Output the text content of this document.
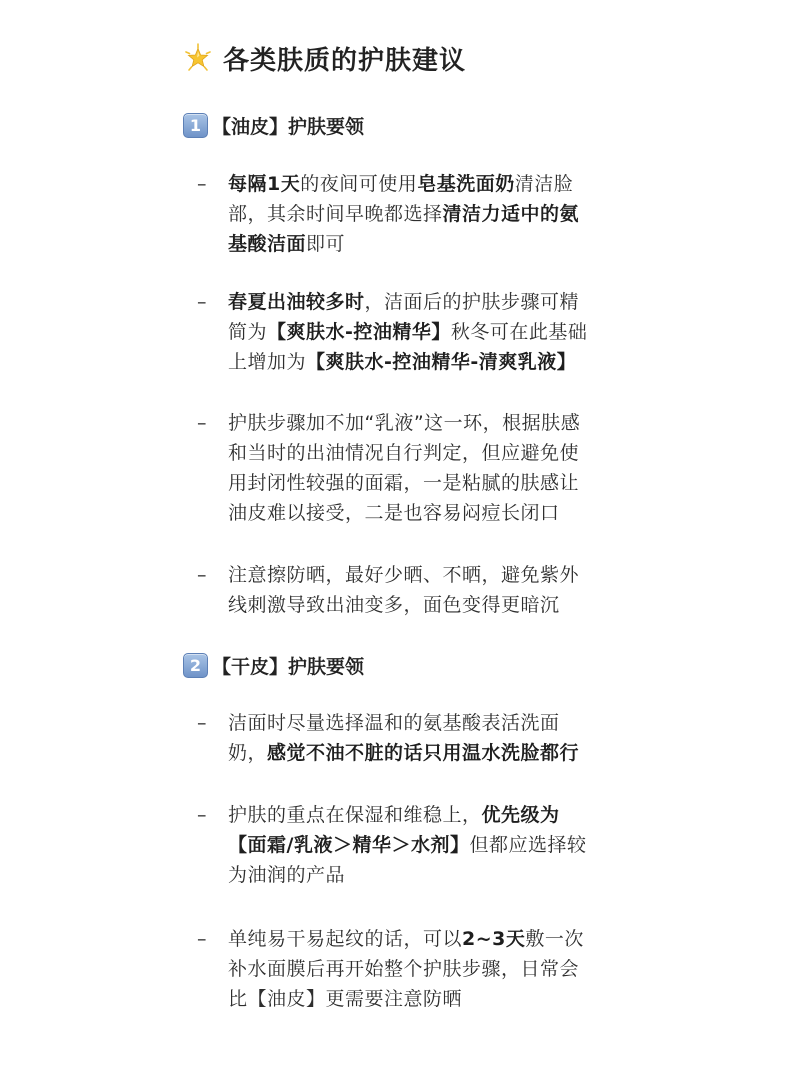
各类肤质的护肤建议
1 【油皮】护肤要领
– 每隔1天的夜间可使用皂基洗面奶清洁脸
部，其余时间早晚都选择清洁力适中的氨
基酸洁面即可
– 春夏出油较多时，洁面后的护肤步骤可精
简为【爽肤水-控油精华】秋冬可在此基础
上增加为【爽肤水-控油精华-清爽乳液】
– 护肤步骤加不加“乳液”这一环，根据肤感
和当时的出油情况自行判定，但应避免使
用封闭性较强的面霜，一是粘腻的肤感让
油皮难以接受，二是也容易闷痘长闭口
– 注意擦防晒，最好少晒、不晒，避免紫外
线刺激导致出油变多，面色变得更暗沉
2 【干皮】护肤要领
– 洁面时尽量选择温和的氨基酸表活洗面
奶，感觉不油不脏的话只用温水洗脸都行
– 护肤的重点在保湿和维稳上，优先级为
【面霜/乳液＞精华＞水剂】但都应选择较
为油润的产品
– 单纯易干易起纹的话，可以2~3天敷一次
补水面膜后再开始整个护肤步骤，日常会
比【油皮】更需要注意防晒
